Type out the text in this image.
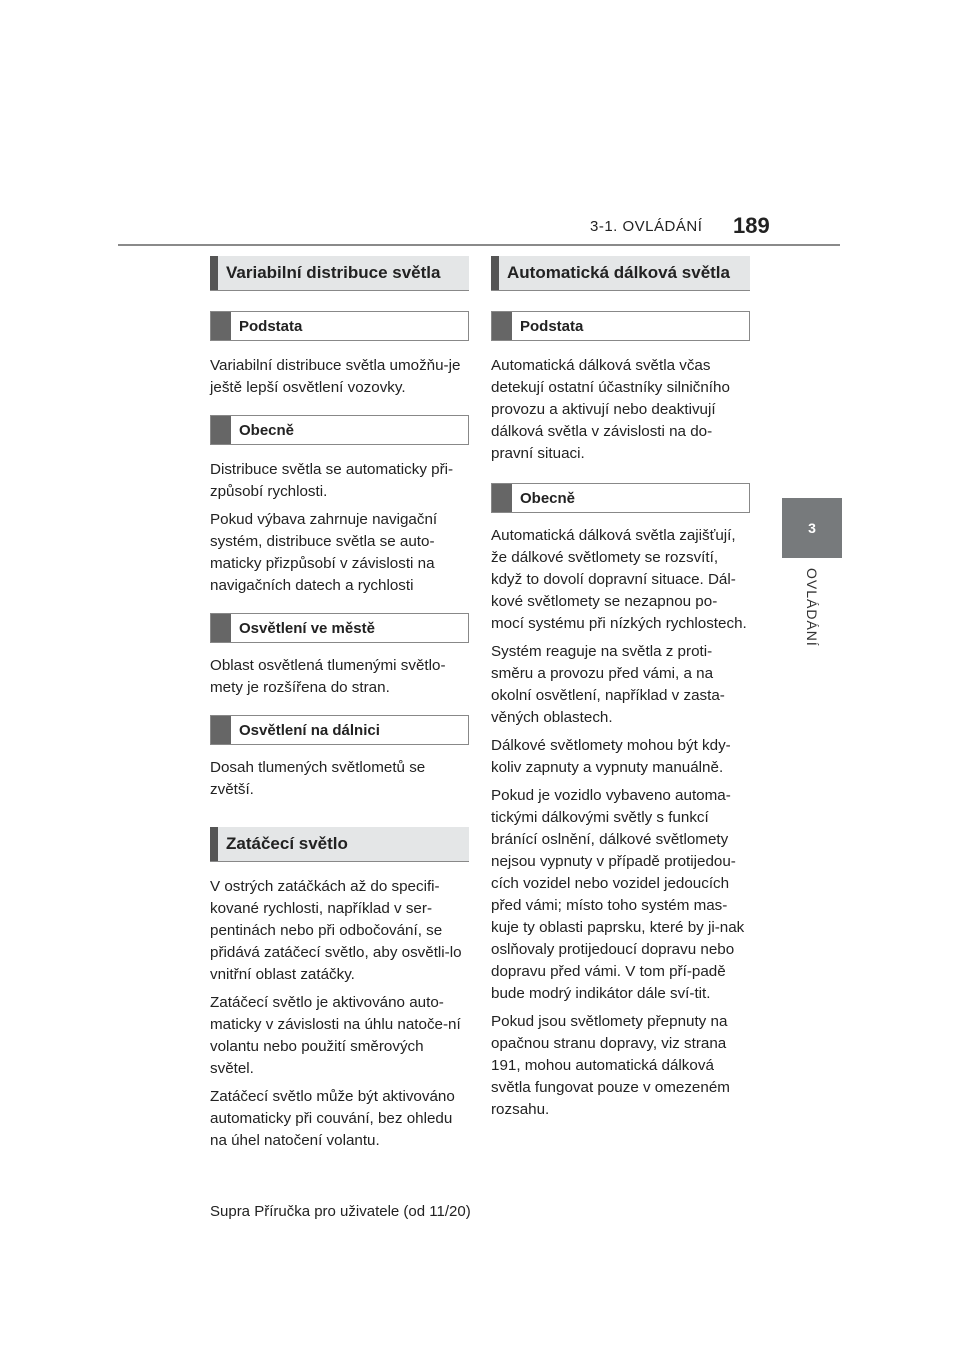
3-1. OVLÁDÁNÍ 189
3
OVLÁDÁNÍ
Variabilní distribuce světla
Podstata

Variabilní distribuce světla umožňu-je ještě lepší osvětlení vozovky.

Obecně

Distribuce světla se automaticky při-způsobí rychlosti.

Pokud výbava zahrnuje navigační systém, distribuce světla se auto-maticky přizpůsobí v závislosti na navigačních datech a rychlosti

Osvětlení ve městě

Oblast osvětlená tlumenými světlo-mety je rozšířena do stran.

Osvětlení na dálnici

Dosah tlumených světlometů se zvětší.

Zatáčecí světlo

V ostrých zatáčkách až do specifi-kované rychlosti, například v ser-pentinách nebo při odbočování, se přidává zatáčecí světlo, aby osvětli-lo vnitřní oblast zatáčky.

Zatáčecí světlo je aktivováno auto-maticky v závislosti na úhlu natoče-ní volantu nebo použití směrových světel.

Zatáčecí světlo může být aktivováno automaticky při couvání, bez ohledu na úhel natočení volantu.

Automatická dálková světla
Podstata

Automatická dálková světla včas detekují ostatní účastníky silničního provozu a aktivují nebo deaktivují dálková světla v závislosti na do-pravní situaci.

Obecně

Automatická dálková světla zajišťují, že dálkové světlomety se rozsvítí, když to dovolí dopravní situace. Dál-kové světlomety se nezapnou po-mocí systému při nízkých rychlostech.

Systém reaguje na světla z proti-směru a provozu před vámi, a na okolní osvětlení, například v zasta-věných oblastech.

Dálkové světlomety mohou být kdy-koliv zapnuty a vypnuty manuálně.

Pokud je vozidlo vybaveno automa-tickými dálkovými světly s funkcí bránící oslnění, dálkové světlomety nejsou vypnuty v případě protijedou-cích vozidel nebo vozidel jedoucích před vámi; místo toho systém mas-kuje ty oblasti paprsku, které by ji-nak oslňovaly protijedoucí dopravu nebo dopravu před vámi. V tom pří-padě bude modrý indikátor dále sví-tit.

Pokud jsou světlomety přepnuty na opačnou stranu dopravy, viz strana 191, mohou automatická dálková světla fungovat pouze v omezeném rozsahu.

Supra Příručka pro uživatele (od 11/20)
